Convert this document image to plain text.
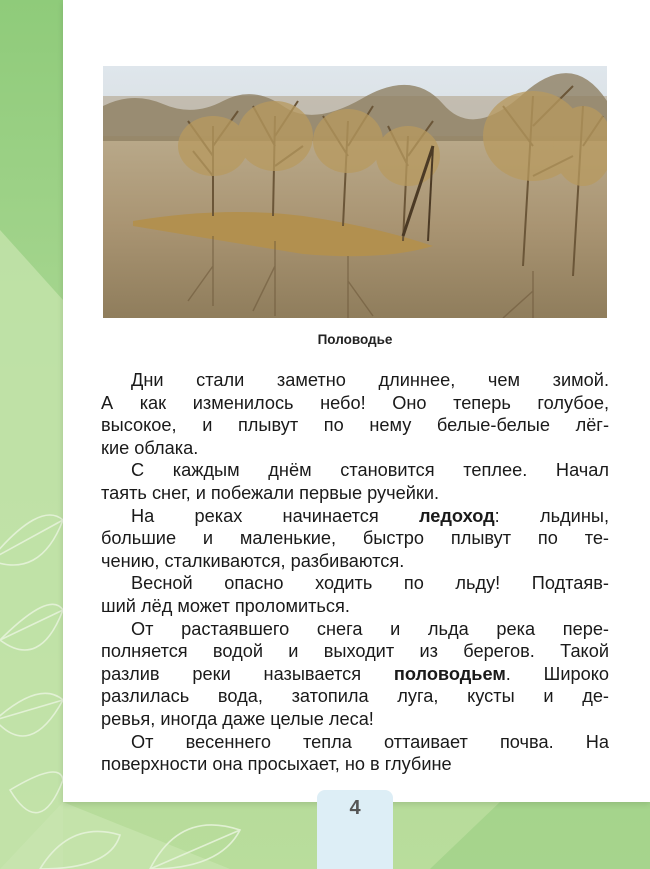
Половодье
Дни стали заметно длиннее, чем зимой.
А как изменилось небо! Оно теперь голубое,
высокое, и плывут по нему белые-белые лёг-
кие облака.
С каждым днём становится теплее. Начал
таять снег, и побежали первые ручейки.
На реках начинается ледоход: льдины,
большие и маленькие, быстро плывут по те-
чению, сталкиваются, разбиваются.
Весной опасно ходить по льду! Подтаяв-
ший лёд может проломиться.
От растаявшего снега и льда река пере-
полняется водой и выходит из берегов. Такой
разлив реки называется половодьем. Широко
разлилась вода, затопила луга, кусты и де-
ревья, иногда даже целые леса!
От весеннего тепла оттаивает почва. На
поверхности она просыхает, но в глубине
4
